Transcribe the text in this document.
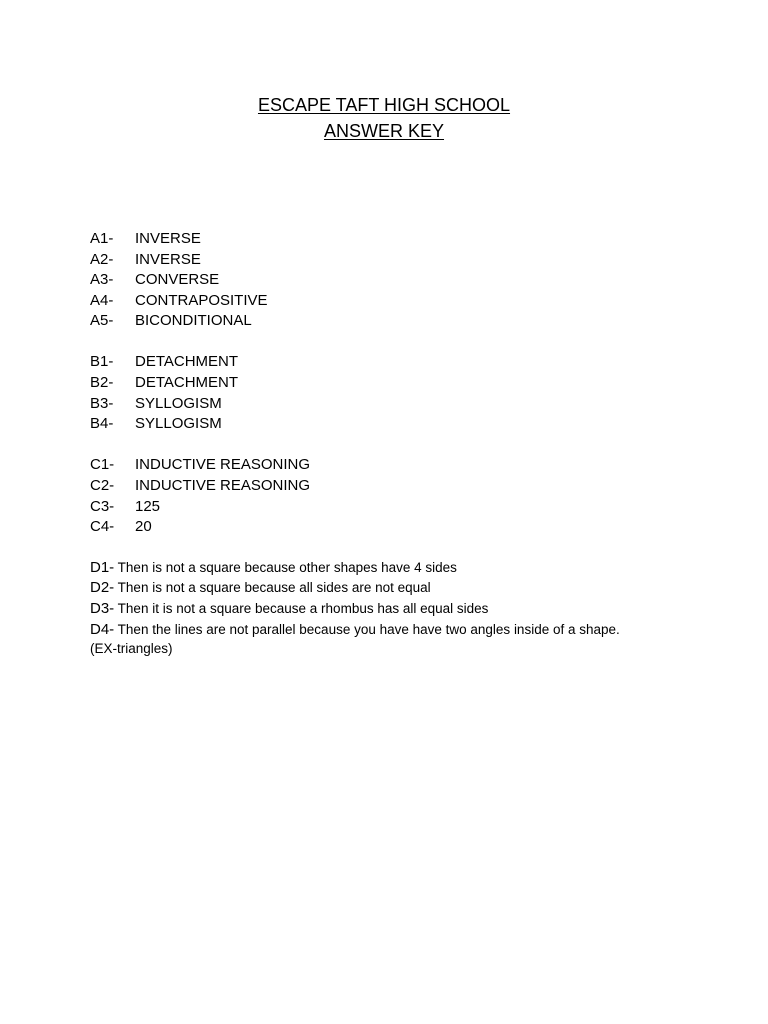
ESCAPE TAFT HIGH SCHOOL
ANSWER KEY
A1-	INVERSE
A2-	INVERSE
A3-	CONVERSE
A4-	CONTRAPOSITIVE
A5-	BICONDITIONAL
B1-	DETACHMENT
B2-	DETACHMENT
B3-	SYLLOGISM
B4-	SYLLOGISM
C1-	INDUCTIVE REASONING
C2-	INDUCTIVE REASONING
C3-	125
C4-	20
D1- Then is not a square because other shapes have 4 sides
D2- Then is not a square because all sides are not equal
D3- Then it is not a square because a rhombus has all equal sides
D4- Then the lines are not parallel because you have have two angles inside of a shape.
(EX-triangles)
